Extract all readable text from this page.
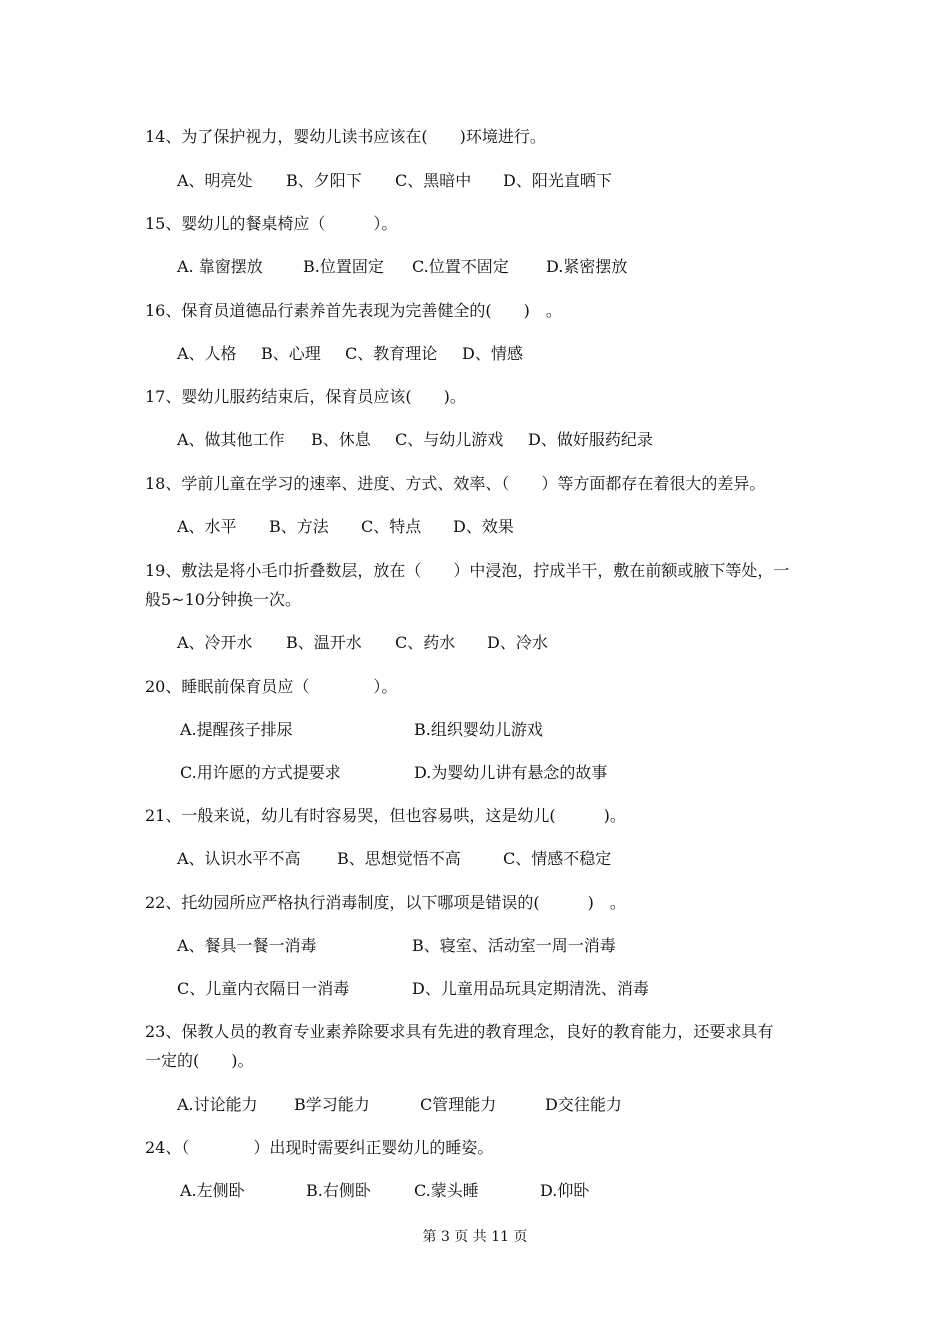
14、为了保护视力，婴幼儿读书应该在(　　)环境进行。
A、明亮处 B、夕阳下 C、黑暗中 D、阳光直晒下
15、婴幼儿的餐桌椅应（　　　）。
A. 靠窗摆放	B.位置固定 C.位置不固定 D.紧密摆放
16、保育员道德品行素养首先表现为完善健全的(　　)　。
A、人格 B、心理 C、教育理论 D、情感
17、婴幼儿服药结束后，保育员应该(　　)。
A、做其他工作 B、休息 C、与幼儿游戏 D、做好服药纪录
18、学前儿童在学习的速率、进度、方式、效率、（　　）等方面都存在着很大的差异。
A、水平 B、方法 C、特点 D、效果
19、敷法是将小毛巾折叠数层，放在（　　）中浸泡，拧成半干，敷在前额或腋下等处，一
般5~10分钟换一次。
A、冷开水 B、温开水 C、药水 D、冷水
20、睡眠前保育员应（　　　　）。
A.提醒孩子排尿	B.组织婴幼儿游戏
C.用许愿的方式提要求	D.为婴幼儿讲有悬念的故事
21、一般来说，幼儿有时容易哭，但也容易哄，这是幼儿(　　　)。
A、认识水平不高 B、思想觉悟不高	C、情感不稳定
22、托幼园所应严格执行消毒制度，以下哪项是错误的(　　　)　。
A、餐具一餐一消毒	B、寝室、活动室一周一消毒
C、儿童内衣隔日一消毒	D、儿童用品玩具定期清洗、消毒
23、保教人员的教育专业素养除要求具有先进的教育理念，良好的教育能力，还要求具有
一定的(　　)。
A.讨论能力 B学习能力	C管理能力	D交往能力
24、（　　　　）出现时需要纠正婴幼儿的睡姿。
A.左侧卧	B.右侧卧	C.蒙头睡	D.仰卧
第 3 页 共 11 页
